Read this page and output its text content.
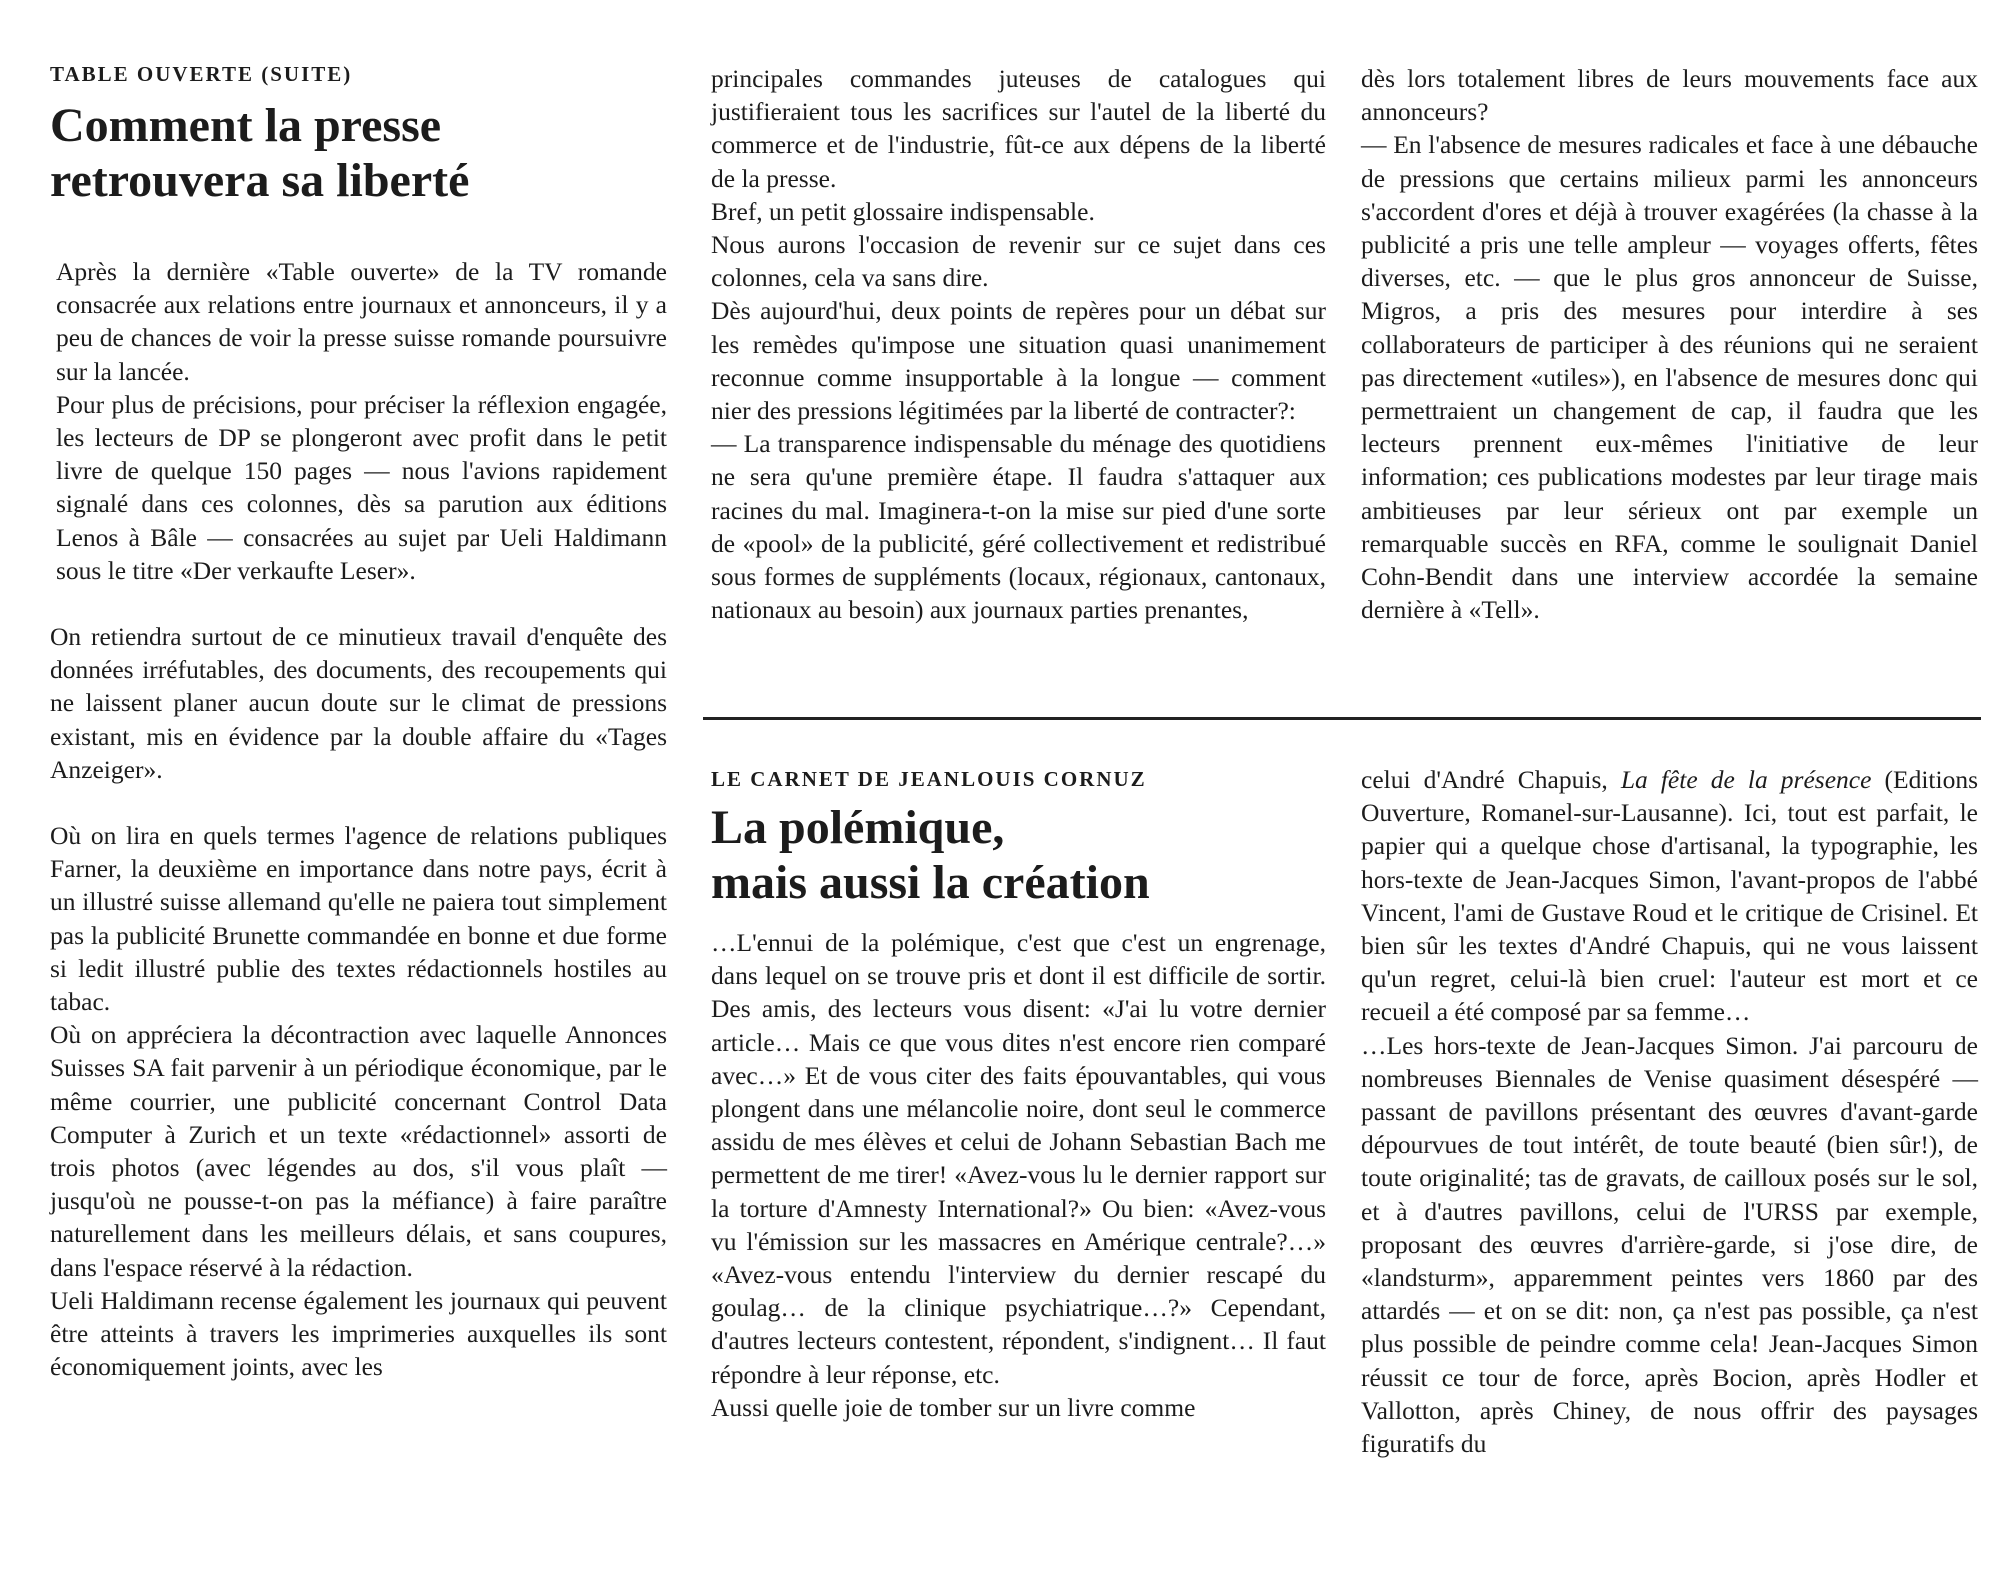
TABLE OUVERTE (SUITE)
Comment la presse
retrouvera sa liberté

Après la dernière «Table ouverte» de la TV romande consacrée aux relations entre journaux et annonceurs, il y a peu de chances de voir la presse suisse romande poursuivre sur la lancée.

Pour plus de précisions, pour préciser la réflexion engagée, les lecteurs de DP se plongeront avec profit dans le petit livre de quelque 150 pages — nous l'avions rapidement signalé dans ces colonnes, dès sa parution aux éditions Lenos à Bâle — consacrées au sujet par Ueli Haldimann sous le titre «Der verkaufte Leser».

On retiendra surtout de ce minutieux travail d'enquête des données irréfutables, des documents, des recoupements qui ne laissent planer aucun doute sur le climat de pressions existant, mis en évidence par la double affaire du «Tages Anzeiger».

Où on lira en quels termes l'agence de relations publiques Farner, la deuxième en importance dans notre pays, écrit à un illustré suisse allemand qu'elle ne paiera tout simplement pas la publicité Brunette commandée en bonne et due forme si ledit illustré publie des textes rédactionnels hostiles au tabac.

Où on appréciera la décontraction avec laquelle Annonces Suisses SA fait parvenir à un périodique économique, par le même courrier, une publicité concernant Control Data Computer à Zurich et un texte «rédactionnel» assorti de trois photos (avec légendes au dos, s'il vous plaît — jusqu'où ne pousse-t-on pas la méfiance) à faire paraître naturellement dans les meilleurs délais, et sans coupures, dans l'espace réservé à la rédaction.

Ueli Haldimann recense également les journaux qui peuvent être atteints à travers les imprimeries auxquelles ils sont économiquement joints, avec les

principales commandes juteuses de catalogues qui justifieraient tous les sacrifices sur l'autel de la liberté du commerce et de l'industrie, fût-ce aux dépens de la liberté de la presse.

Bref, un petit glossaire indispensable.

Nous aurons l'occasion de revenir sur ce sujet dans ces colonnes, cela va sans dire.

Dès aujourd'hui, deux points de repères pour un débat sur les remèdes qu'impose une situation quasi unanimement reconnue comme insupportable à la longue — comment nier des pressions légitimées par la liberté de contracter?:

— La transparence indispensable du ménage des quotidiens ne sera qu'une première étape. Il faudra s'attaquer aux racines du mal. Imaginera-t-on la mise sur pied d'une sorte de «pool» de la publicité, géré collectivement et redistribué sous formes de suppléments (locaux, régionaux, cantonaux, nationaux au besoin) aux journaux parties prenantes,

dès lors totalement libres de leurs mouvements face aux annonceurs?

— En l'absence de mesures radicales et face à une débauche de pressions que certains milieux parmi les annonceurs s'accordent d'ores et déjà à trouver exagérées (la chasse à la publicité a pris une telle ampleur — voyages offerts, fêtes diverses, etc. — que le plus gros annonceur de Suisse, Migros, a pris des mesures pour interdire à ses collaborateurs de participer à des réunions qui ne seraient pas directement «utiles»), en l'absence de mesures donc qui permettraient un changement de cap, il faudra que les lecteurs prennent eux-mêmes l'initiative de leur information; ces publications modestes par leur tirage mais ambitieuses par leur sérieux ont par exemple un remarquable succès en RFA, comme le soulignait Daniel Cohn-Bendit dans une interview accordée la semaine dernière à «Tell».

LE CARNET DE JEANLOUIS CORNUZ
La polémique,
mais aussi la création

…L'ennui de la polémique, c'est que c'est un engrenage, dans lequel on se trouve pris et dont il est difficile de sortir. Des amis, des lecteurs vous disent: «J'ai lu votre dernier article… Mais ce que vous dites n'est encore rien comparé avec…» Et de vous citer des faits épouvantables, qui vous plongent dans une mélancolie noire, dont seul le commerce assidu de mes élèves et celui de Johann Sebastian Bach me permettent de me tirer! «Avez-vous lu le dernier rapport sur la torture d'Amnesty International?» Ou bien: «Avez-vous vu l'émission sur les massacres en Amérique centrale?…» «Avez-vous entendu l'interview du dernier rescapé du goulag… de la clinique psychiatrique…?» Cependant, d'autres lecteurs contestent, répondent, s'indignent… Il faut répondre à leur réponse, etc.

Aussi quelle joie de tomber sur un livre comme

celui d'André Chapuis, La fête de la présence (Editions Ouverture, Romanel-sur-Lausanne). Ici, tout est parfait, le papier qui a quelque chose d'artisanal, la typographie, les hors-texte de Jean-Jacques Simon, l'avant-propos de l'abbé Vincent, l'ami de Gustave Roud et le critique de Crisinel. Et bien sûr les textes d'André Chapuis, qui ne vous laissent qu'un regret, celui-là bien cruel: l'auteur est mort et ce recueil a été composé par sa femme…

…Les hors-texte de Jean-Jacques Simon. J'ai parcouru de nombreuses Biennales de Venise quasiment désespéré — passant de pavillons présentant des œuvres d'avant-garde dépourvues de tout intérêt, de toute beauté (bien sûr!), de toute originalité; tas de gravats, de cailloux posés sur le sol, et à d'autres pavillons, celui de l'URSS par exemple, proposant des œuvres d'arrière-garde, si j'ose dire, de «landsturm», apparemment peintes vers 1860 par des attardés — et on se dit: non, ça n'est pas possible, ça n'est plus possible de peindre comme cela! Jean-Jacques Simon réussit ce tour de force, après Bocion, après Hodler et Vallotton, après Chiney, de nous offrir des paysages figuratifs du
